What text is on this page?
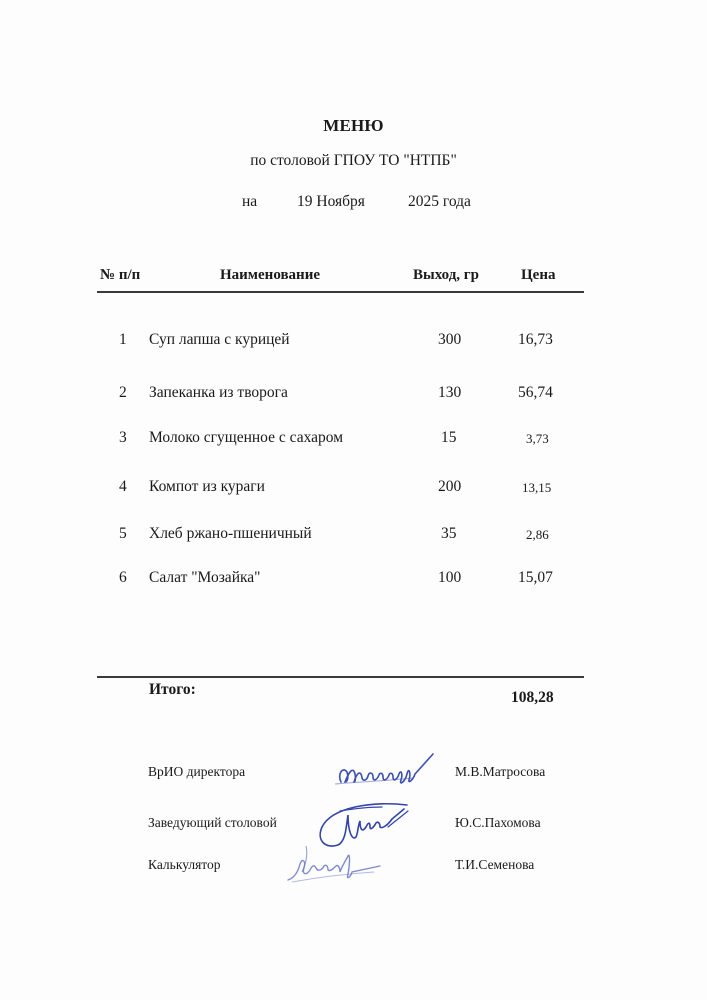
МЕНЮ
по столовой ГПОУ ТО "НТПБ"
на	19 Ноября	2025 года
№ п/п	Наименование	Выход, гр	Цена
1 Суп лапша с курицей	300	16,73
2 Запеканка из творога	130	56,74
3 Молоко сгущенное с сахаром	15	3,73
4 Компот из кураги	200	13,15
5 Хлеб ржано-пшеничный	35	2,86
6 Салат "Мозайка"	100	15,07
Итого:	108,28
ВрИО директора	М.В.Матросова
Заведующий столовой	Ю.С.Пахомова
Калькулятор	Т.И.Семенова
